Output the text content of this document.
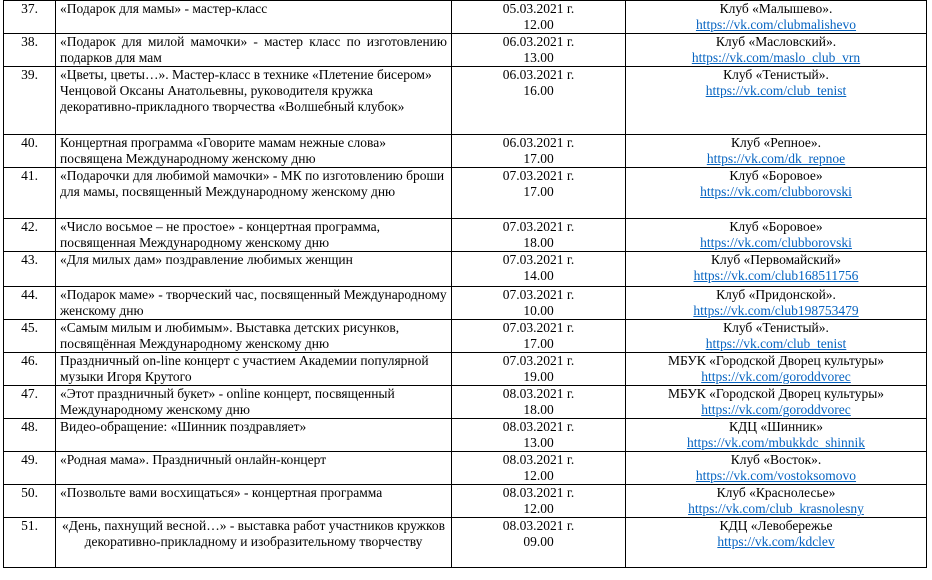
37.	«Подарок для мамы» - мастер-класс	05.03.2021 г.
12.00	Клуб «Малышево».
https://vk.com/clubmalishevo

38.	«Подарок для милой мамочки» - мастер класс по изготовлению подарков для мам	06.03.2021 г.
13.00	Клуб «Масловский».
https://vk.com/maslo_club_vrn

39.	«Цветы, цветы…». Мастер-класс в технике «Плетение бисером» Ченцовой Оксаны Анатольевны, руководителя кружка декоративно-прикладного творчества «Волшебный клубок»	06.03.2021 г.
16.00	Клуб «Тенистый».
https://vk.com/club_tenist

40.	Концертная программа «Говорите мамам нежные слова» посвящена Международному женскому дню	06.03.2021 г.
17.00	Клуб «Репное».
https://vk.com/dk_repnoe

41.	«Подарочки для любимой мамочки» - МК по изготовлению броши для мамы, посвященный Международному женскому дню	07.03.2021 г.
17.00	Клуб «Боровое»
https://vk.com/clubborovski

42.	«Число восьмое – не простое» - концертная программа, посвященная Международному женскому дню	07.03.2021 г.
18.00	Клуб «Боровое»
https://vk.com/clubborovski

43.	«Для милых дам» поздравление любимых женщин	07.03.2021 г.
14.00	Клуб «Первомайский»
https://vk.com/club168511756

44.	«Подарок маме» - творческий час, посвященный Международному женскому дню	07.03.2021 г.
10.00	Клуб «Придонской».
https://vk.com/club198753479

45.	«Самым милым и любимым». Выставка детских рисунков, посвящённая Международному женскому дню	07.03.2021 г.
17.00	Клуб «Тенистый».
https://vk.com/club_tenist

46.	Праздничный on-line концерт с участием Академии популярной музыки Игоря Крутого	07.03.2021 г.
19.00	МБУК «Городской Дворец культуры»
https://vk.com/goroddvorec

47.	«Этот праздничный букет» - online концерт, посвященный Международному женскому дню	08.03.2021 г.
18.00	МБУК «Городской Дворец культуры»
https://vk.com/goroddvorec

48.	Видео-обращение: «Шинник поздравляет»	08.03.2021 г.
13.00	КДЦ «Шинник»
https://vk.com/mbukkdc_shinnik

49.	«Родная мама». Праздничный онлайн-концерт	08.03.2021 г.
12.00	Клуб «Восток».
https://vk.com/vostoksomovo

50.	«Позвольте вами восхищаться» - концертная программа	08.03.2021 г.
12.00	Клуб «Краснолесье»
https://vk.com/club_krasnolesny

51.	«День, пахнущий весной…» - выставка работ участников кружков декоративно-прикладному и изобразительному творчеству	08.03.2021 г.
09.00	КДЦ «Левобережье
https://vk.com/kdclev
